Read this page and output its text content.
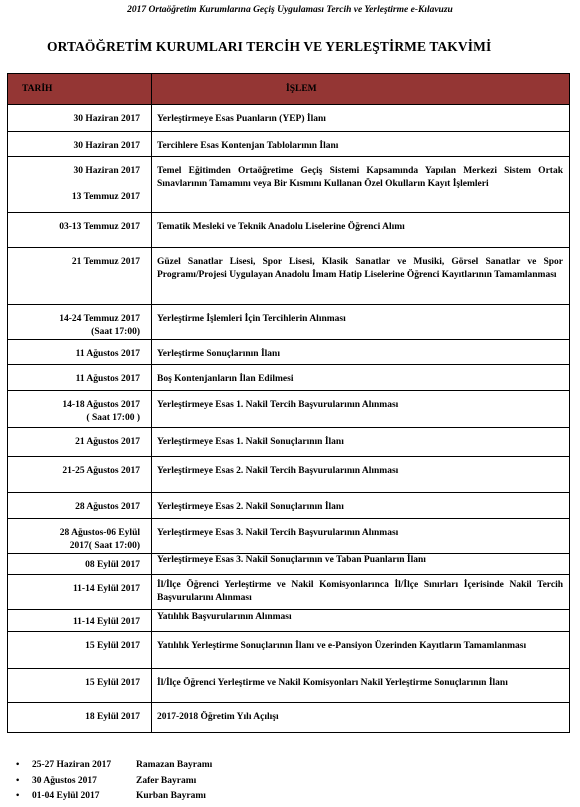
2017 Ortaöğretim Kurumlarına Geçiş Uygulaması Tercih ve Yerleştirme e-Kılavuzu
ORTAÖĞRETİM KURUMLARI TERCİH VE YERLEŞTİRME TAKVİMİ
TARİH	İŞLEM
30 Haziran 2017	Yerleştirmeye Esas Puanların (YEP) İlanı
30 Haziran 2017	Tercihlere Esas Kontenjan Tablolarının İlanı

30 Haziran 2017
13 Temmuz 2017	Temel Eğitimden Ortaöğretime Geçiş Sistemi Kapsamında Yapılan Merkezi Sistem Ortak Sınavlarının Tamamını veya Bir Kısmını Kullanan Özel Okulların Kayıt İşlemleri
03-13 Temmuz 2017	Tematik Mesleki ve Teknik Anadolu Liselerine Öğrenci Alımı
21 Temmuz 2017	Güzel Sanatlar Lisesi, Spor Lisesi, Klasik Sanatlar ve Musiki, Görsel Sanatlar ve Spor Programı/Projesi Uygulayan Anadolu İmam Hatip Liselerine Öğrenci Kayıtlarının Tamamlanması

14-24 Temmuz 2017
(Saat 17:00)	Yerleştirme İşlemleri İçin Tercihlerin Alınması
11 Ağustos 2017	Yerleştirme Sonuçlarının İlanı
11 Ağustos 2017	Boş Kontenjanların İlan Edilmesi

14-18 Ağustos 2017
( Saat 17:00 )	Yerleştirmeye Esas 1. Nakil Tercih Başvurularının Alınması
21 Ağustos 2017	Yerleştirmeye Esas 1. Nakil Sonuçlarının İlanı
21-25 Ağustos 2017	Yerleştirmeye Esas 2. Nakil Tercih Başvurularının Alınması
28 Ağustos 2017	Yerleştirmeye Esas 2. Nakil Sonuçlarının İlanı

28 Ağustos-06 Eylül
2017( Saat 17:00)	Yerleştirmeye Esas 3. Nakil Tercih Başvurularının Alınması
08 Eylül 2017	Yerleştirmeye Esas 3. Nakil Sonuçlarının ve Taban Puanların İlanı
11-14 Eylül 2017	İl/İlçe Öğrenci Yerleştirme ve Nakil Komisyonlarınca İl/İlçe Sınırları İçerisinde Nakil Tercih Başvurularını Alınması
11-14 Eylül 2017	Yatılılık Başvurularının Alınması
15 Eylül 2017	Yatılılık Yerleştirme Sonuçlarının İlanı ve e-Pansiyon Üzerinden Kayıtların Tamamlanması
15 Eylül 2017	İl/İlçe Öğrenci Yerleştirme ve Nakil Komisyonları Nakil Yerleştirme Sonuçlarının İlanı
18 Eylül 2017	2017-2018 Öğretim Yılı Açılışı
• 25-27 Haziran 2017	Ramazan Bayramı
• 30 Ağustos 2017	Zafer Bayramı
• 01-04 Eylül 2017	Kurban Bayramı
